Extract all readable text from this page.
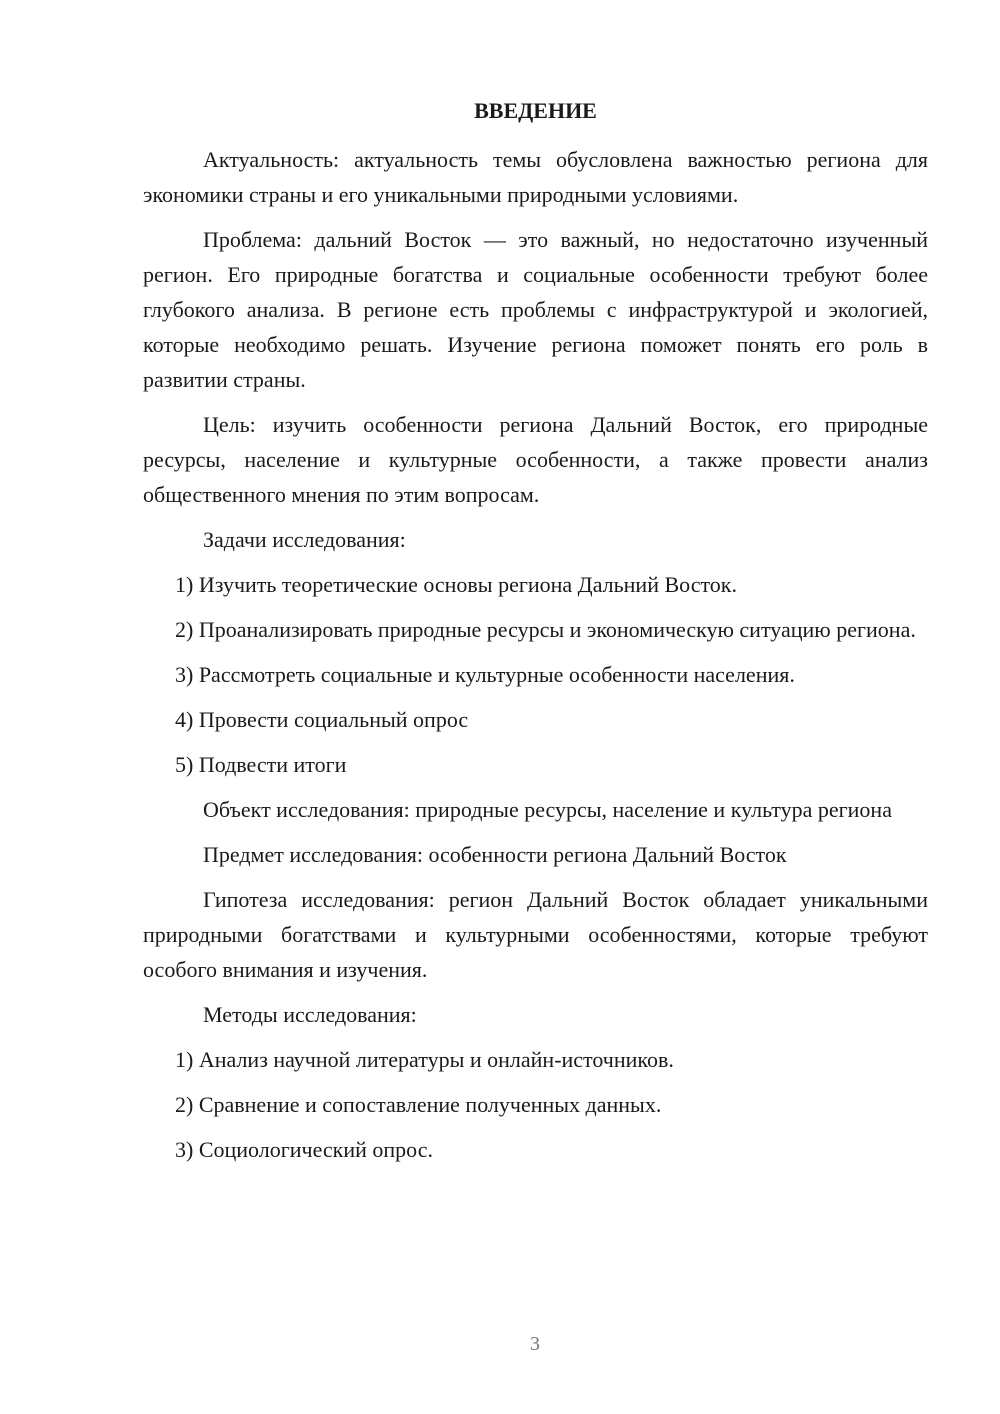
ВВЕДЕНИЕ

Актуальность: актуальность темы обусловлена важностью региона для экономики страны и его уникальными природными условиями.

Проблема: дальний Восток — это важный, но недостаточно изученный регион. Его природные богатства и социальные особенности требуют более глубокого анализа. В регионе есть проблемы с инфраструктурой и экологией, которые необходимо решать. Изучение региона поможет понять его роль в развитии страны.

Цель: изучить особенности региона Дальний Восток, его природные ресурсы, население и культурные особенности, а также провести анализ общественного мнения по этим вопросам.

Задачи исследования:

1) Изучить теоретические основы региона Дальний Восток.

2) Проанализировать природные ресурсы и экономическую ситуацию региона.

3) Рассмотреть социальные и культурные особенности населения.

4) Провести социальный опрос

5) Подвести итоги

Объект исследования: природные ресурсы, население и культура региона

Предмет исследования: особенности региона Дальний Восток

Гипотеза исследования: регион Дальний Восток обладает уникальными природными богатствами и культурными особенностями, которые требуют особого внимания и изучения.

Методы исследования:

1) Анализ научной литературы и онлайн-источников.

2) Сравнение и сопоставление полученных данных.

3) Социологический опрос.

3
